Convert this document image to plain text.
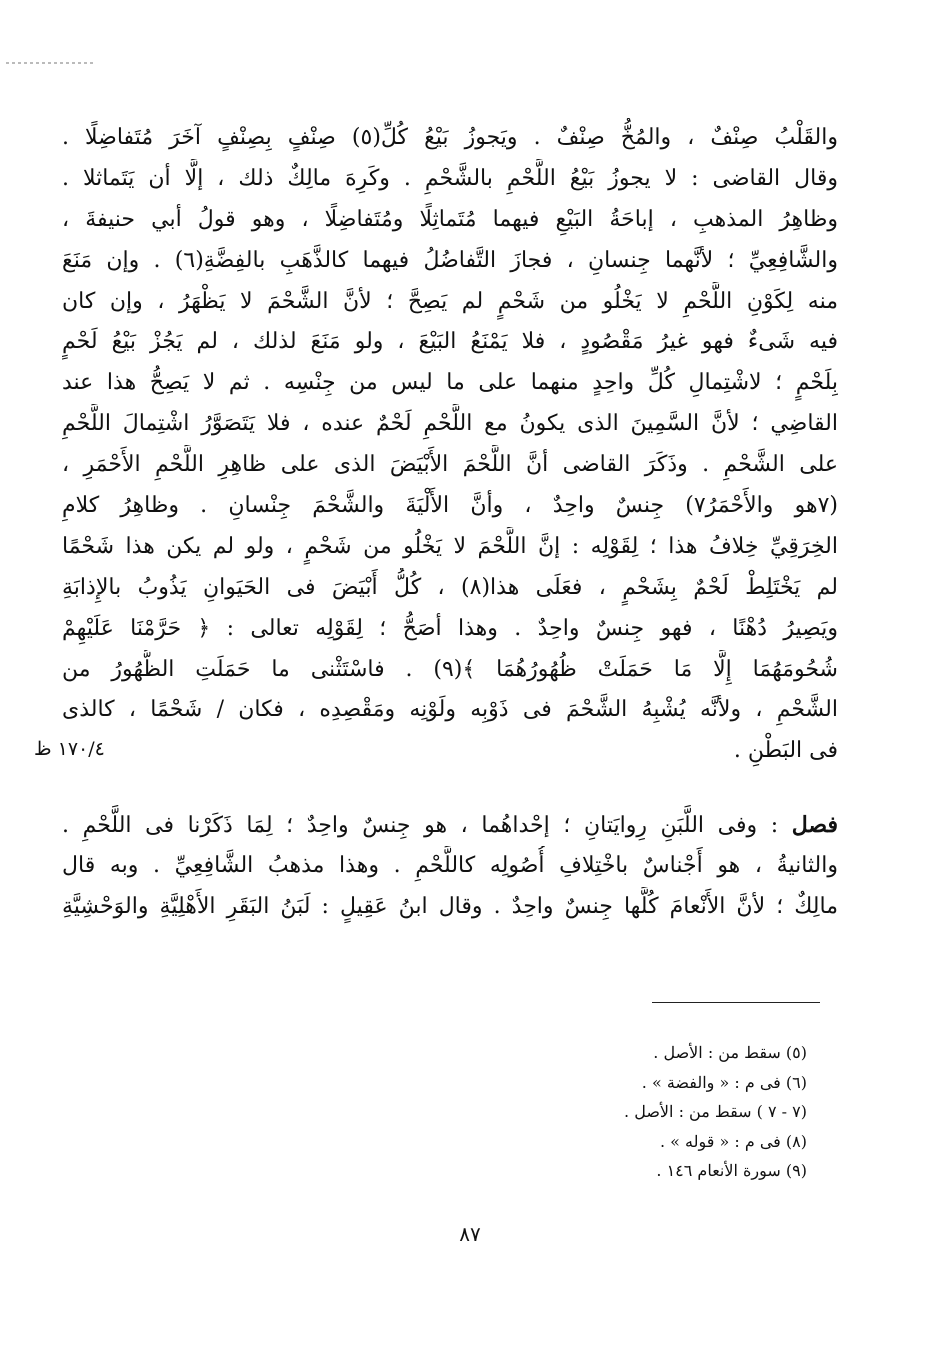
والقَلْبُ صِنْفٌ ، والمُخُّ صِنْفٌ . ويَجوزُ بَيْعُ كُلِّ(٥) صِنْفٍ بِصِنْفٍ آخَرَ مُتَفاضِلًا .
وقال القاضى : لا يجوزُ بَيْعُ اللَّحْمِ بالشَّحْمِ . وكَرِهَ مالِكٌ ذلك ، إلَّا أن يَتَماثلا .
وظاهِرُ المذهبِ ، إباحَةُ البَيْعِ فيهما مُتَماثِلًا ومُتَفاضِلًا ، وهو قولُ أبي حنيفةَ ،
والشَّافِعِيِّ ؛ لأنَّهما جِنسانِ ، فجازَ التَّفاضُلُ فيهما كالذَّهَبِ بالفِضَّةِ(٦) . وإن مَنَعَ
منه لِكَوْنِ اللَّحْمِ لا يَخْلُو من شَحْمٍ لم يَصِحَّ ؛ لأنَّ الشَّحْمَ لا يَظْهَرُ ، وإن كان
فيه شَىءٌ فهو غيرُ مَقْصُودٍ ، فلا يَمْنَعُ البَيْعَ ، ولو مَنَعَ لذلك ، لم يَجُزْ بَيْعُ لَحْمٍ
بِلَحْمٍ ؛ لاشْتِمالِ كُلِّ واحِدٍ منهما على ما ليس من جِنْسِه . ثم لا يَصِحُّ هذا عند
القاضِي ؛ لأنَّ السَّمِينَ الذى يكونُ مع اللَّحْمِ لَحْمٌ عنده ، فلا يَتَصَوَّرُ اشْتِمالَ اللَّحْمِ
على الشَّحْمِ . وذَكَرَ القاضى أنَّ اللَّحْمَ الأَبْيَضَ الذى على ظاهِرِ اللَّحْمِ الأَحْمَرِ ،
(٧هو والأَحْمَرُ٧) جِنسٌ واحِدٌ ، وأنَّ الأَلْيَةَ والشَّحْمَ جِنْسانِ . وظاهِرُ كلامِ
الخِرَقِيِّ خِلافُ هذا ؛ لِقَوْلِه : إنَّ اللَّحْمَ لا يَخْلُو من شَحْمٍ ، ولو لم يكن هذا شَحْمًا
لم يَخْتَلِطْ لَحْمٌ بِشَحْمٍ ، فعَلَى هذا(٨) ، كُلُّ أَبْيَضَ فى الحَيَوانِ يَذُوبُ بالإِذابَةِ
ويَصِيرُ دُهْنًا ، فهو جِنسٌ واحِدٌ . وهذا أصَحُّ ؛ لِقَوْلِه تعالى : ﴿ حَرَّمْنَا عَلَيْهِمْ
شُحُومَهُمَا إِلَّا مَا حَمَلَتْ ظُهُورُهُمَا ﴾(٩) . فاسْتَثْنى ما حَمَلَتِ الظُّهُورُ من
الشَّحْمِ ، ولأنَّه يُشْبِهُ الشَّحْمَ فى ذَوْبِه ولَوْنِه ومَقْصِدِه ، فكان / شَحْمًا ، كالذى
فى البَطْنِ .
فصل : وفى اللَّبَنِ رِوايَتانِ ؛ إحْداهُما ، هو جِنسٌ واحِدٌ ؛ لِمَا ذَكَرْنا فى اللَّحْمِ .
والثانيةُ ، هو أَجْناسٌ باخْتِلافِ أُصُولِه كاللَّحْمِ . وهذا مذهبُ الشَّافِعِيِّ . وبه قال
مالِكٌ ؛ لأنَّ الأَنْعامَ كُلَّها جِنسٌ واحِدٌ . وقال ابنُ عَقِيلٍ : لَبَنُ البَقَرِ الأَهْلِيَّةِ والوَحْشِيَّةِ
١٧٠/٤ ظ
(٥) سقط من : الأصل .
(٦) فى م : « والفضة » .
(٧ - ٧ ) سقط من : الأصل .
(٨) فى م : « قوله » .
(٩) سورة الأنعام ١٤٦ .
٨٧
